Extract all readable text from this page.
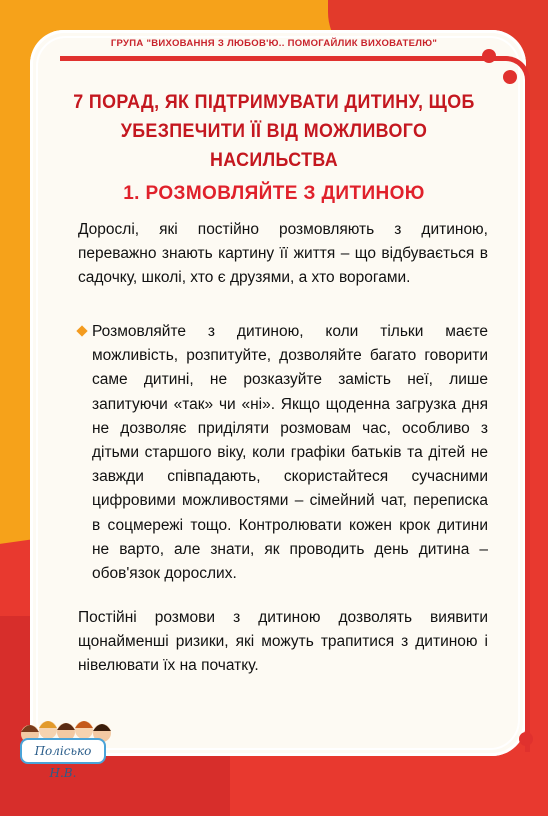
ГРУПА "ВИХОВАННЯ З ЛЮБОВ'Ю.. ПОМОГАЙЛИК ВИХОВАТЕЛЮ"
7 ПОРАД, ЯК ПІДТРИМУВАТИ ДИТИНУ, ЩОБ УБЕЗПЕЧИТИ ЇЇ ВІД МОЖЛИВОГО НАСИЛЬСТВА
1. РОЗМОВЛЯЙТЕ З ДИТИНОЮ
Дорослі, які постійно розмовляють з дитиною, переважно знають картину її життя – що відбувається в садочку, школі, хто є друзями, а хто ворогами.
Розмовляйте з дитиною, коли тільки маєте можливість, розпитуйте, дозволяйте багато говорити саме дитині, не розказуйте замість неї, лише запитуючи «так» чи «ні». Якщо щоденна загрузка дня не дозволяє приділяти розмовам час, особливо з дітьми старшого віку, коли графіки батьків та дітей не завжди співпадають, скористайтеся сучасними цифровими можливостями – сімейний чат, переписка в соцмережі тощо. Контролювати кожен крок дитини не варто, але знати, як проводить день дитина – обов'язок дорослих.
Постійні розмови з дитиною дозволять виявити щонайменші ризики, які можуть трапитися з дитиною і нівелювати їх на початку.
Поліськo Н.В.
